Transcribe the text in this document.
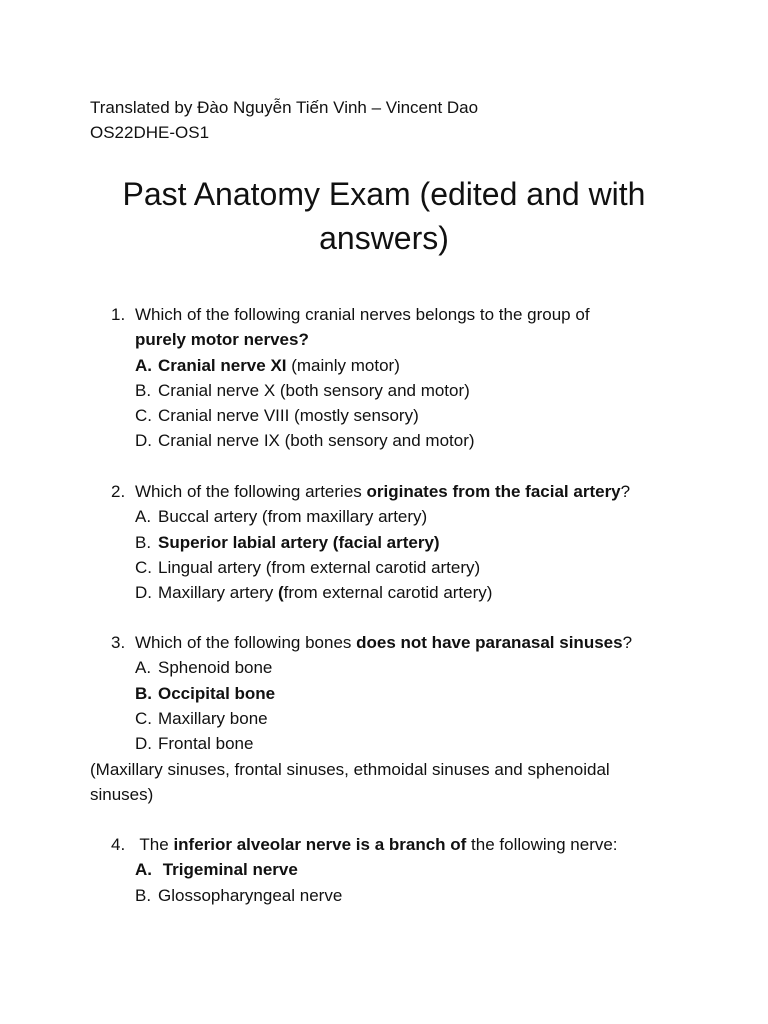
Translated by Đào Nguyễn Tiến Vinh – Vincent Dao
OS22DHE-OS1
Past Anatomy Exam (edited and with
answers)
1. Which of the following cranial nerves belongs to the group of
purely motor nerves?
A. Cranial nerve XI (mainly motor)
B. Cranial nerve X (both sensory and motor)
C. Cranial nerve VIII (mostly sensory)
D. Cranial nerve IX (both sensory and motor)
2. Which of the following arteries originates from the facial artery?
A. Buccal artery (from maxillary artery)
B. Superior labial artery (facial artery)
C. Lingual artery (from external carotid artery)
D. Maxillary artery (from external carotid artery)
3. Which of the following bones does not have paranasal sinuses?
A. Sphenoid bone
B. Occipital bone
C. Maxillary bone
D. Frontal bone
(Maxillary sinuses, frontal sinuses, ethmoidal sinuses and sphenoidal
sinuses)
4. The inferior alveolar nerve is a branch of the following nerve:
A. Trigeminal nerve
B. Glossopharyngeal nerve
